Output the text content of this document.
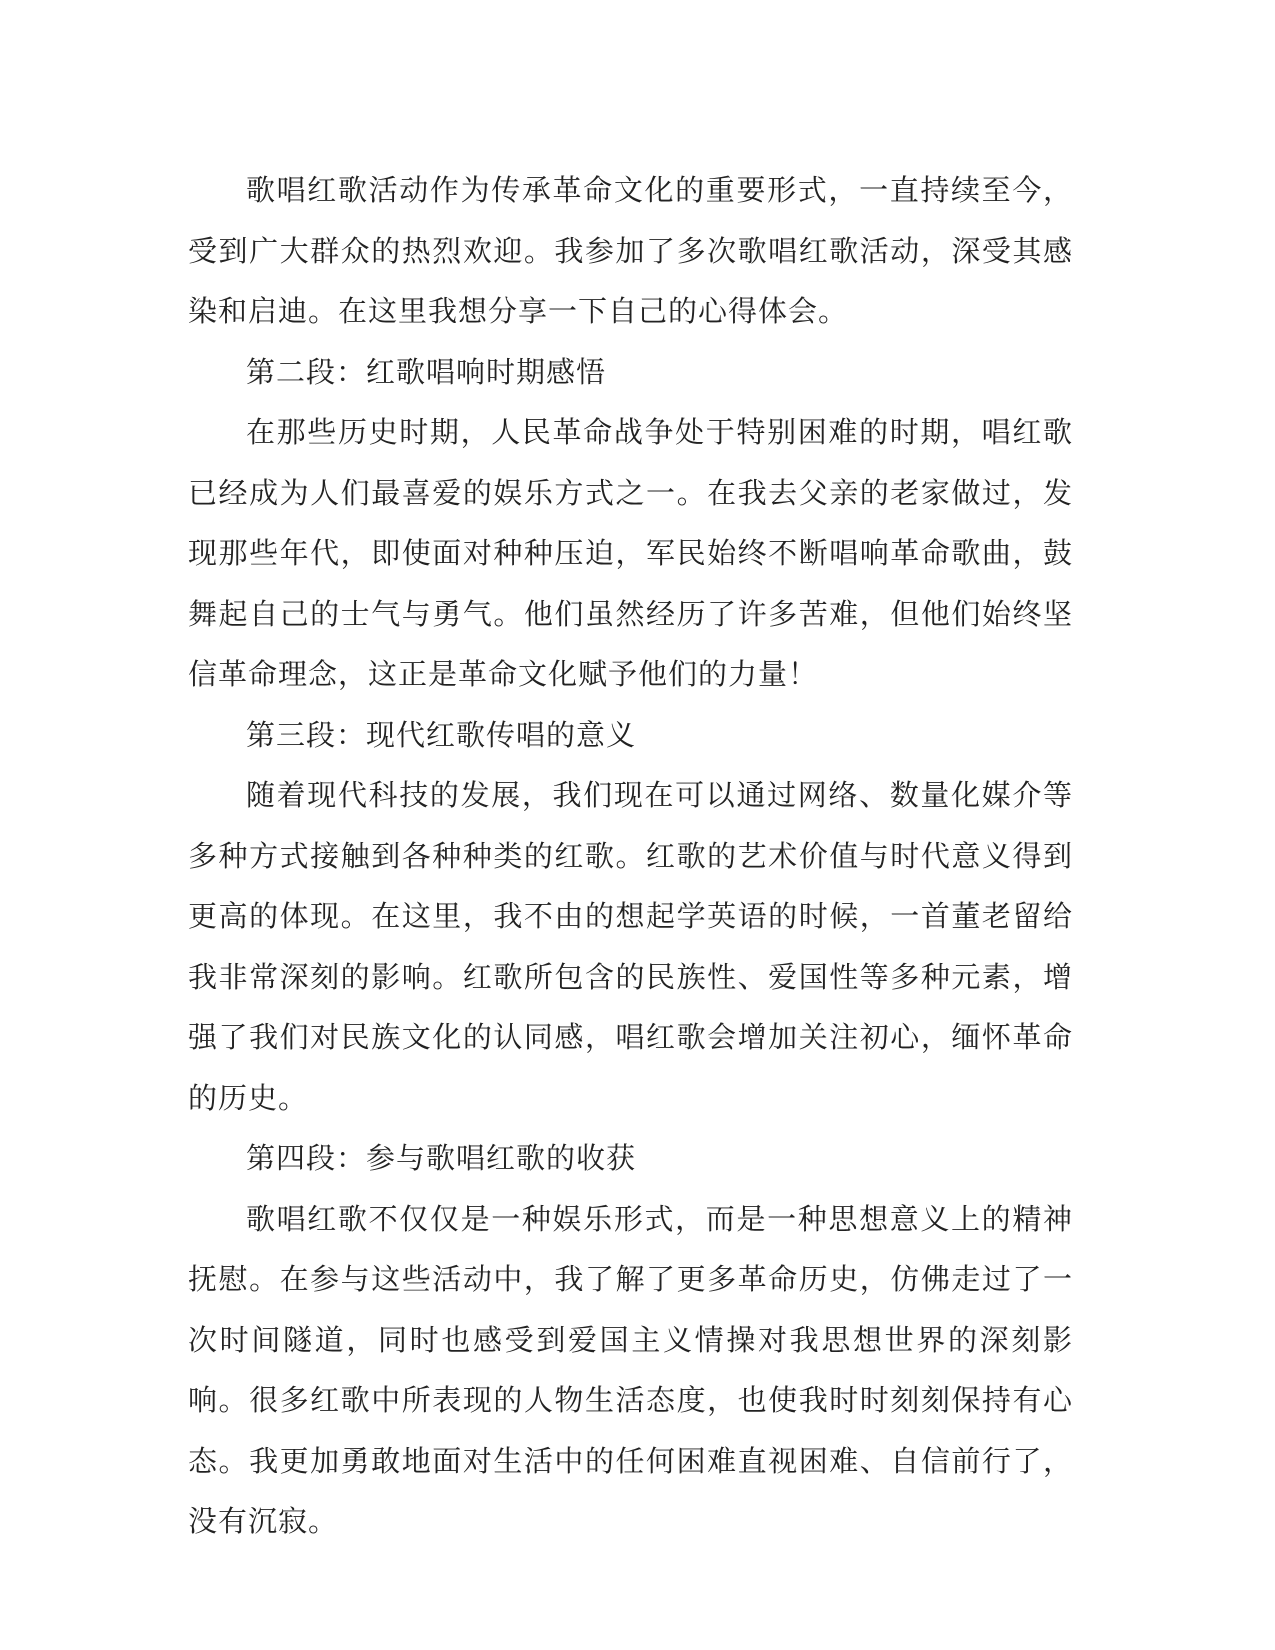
歌唱红歌活动作为传承革命文化的重要形式，一直持续至今，受到广大群众的热烈欢迎。我参加了多次歌唱红歌活动，深受其感染和启迪。在这里我想分享一下自己的心得体会。

第二段：红歌唱响时期感悟

在那些历史时期，人民革命战争处于特别困难的时期，唱红歌已经成为人们最喜爱的娱乐方式之一。在我去父亲的老家做过，发现那些年代，即使面对种种压迫，军民始终不断唱响革命歌曲，鼓舞起自己的士气与勇气。他们虽然经历了许多苦难，但他们始终坚信革命理念，这正是革命文化赋予他们的力量！

第三段：现代红歌传唱的意义

随着现代科技的发展，我们现在可以通过网络、数量化媒介等多种方式接触到各种种类的红歌。红歌的艺术价值与时代意义得到更高的体现。在这里，我不由的想起学英语的时候，一首董老留给我非常深刻的影响。红歌所包含的民族性、爱国性等多种元素，增强了我们对民族文化的认同感，唱红歌会增加关注初心，缅怀革命的历史。

第四段：参与歌唱红歌的收获

歌唱红歌不仅仅是一种娱乐形式，而是一种思想意义上的精神抚慰。在参与这些活动中，我了解了更多革命历史，仿佛走过了一次时间隧道，同时也感受到爱国主义情操对我思想世界的深刻影响。很多红歌中所表现的人物生活态度，也使我时时刻刻保持有心态。我更加勇敢地面对生活中的任何困难直视困难、自信前行了，没有沉寂。
